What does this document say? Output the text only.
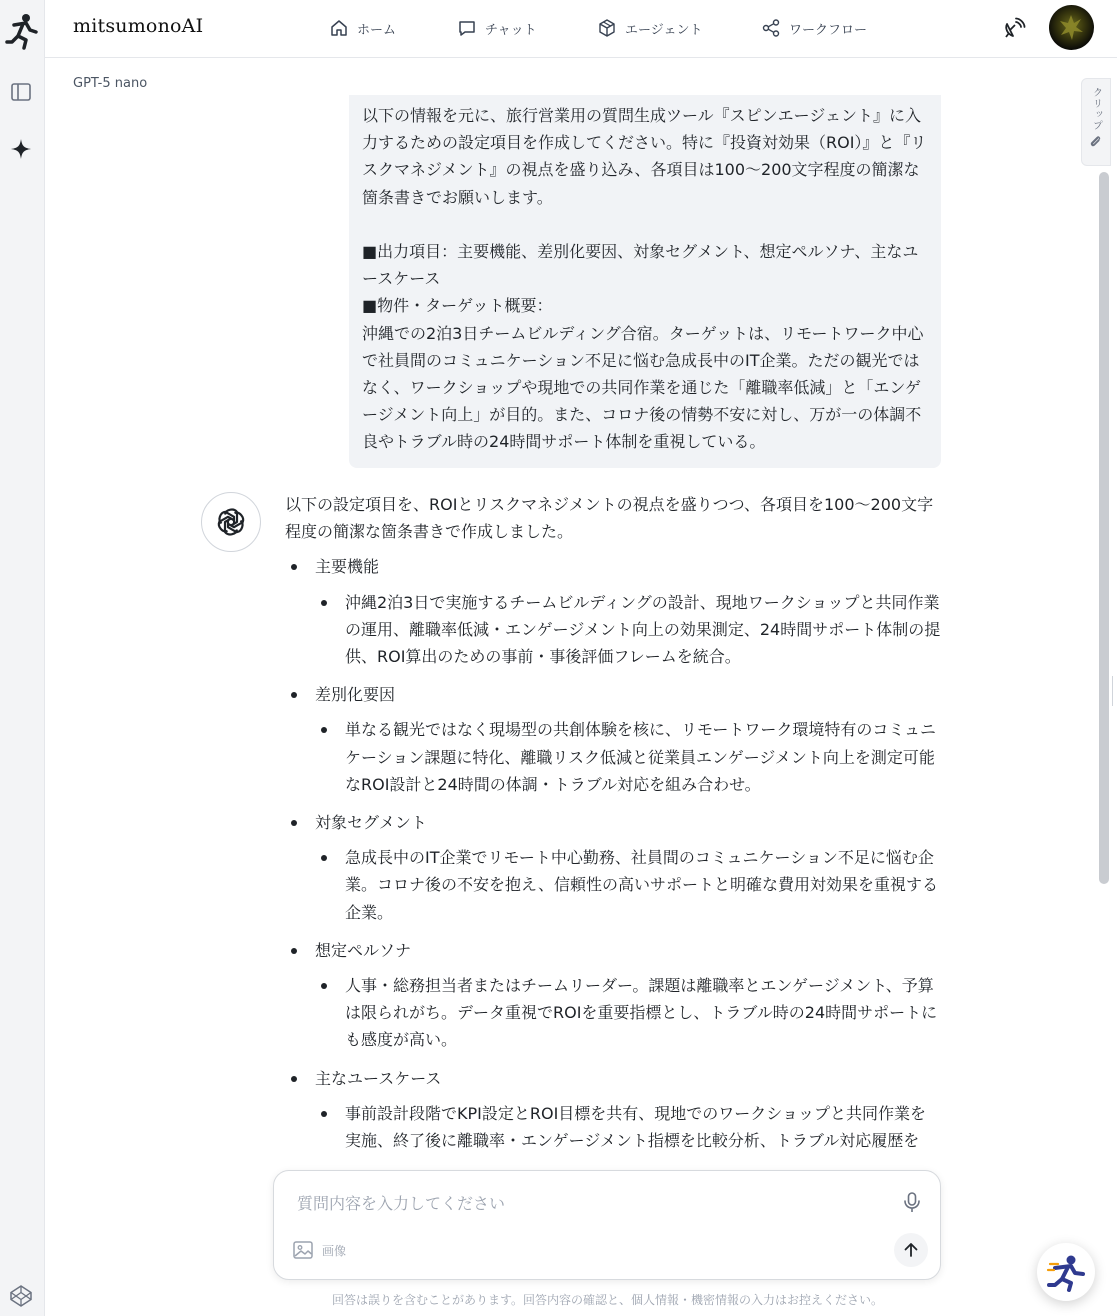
mitsumonoAI	ホーム	チャット	エージェント	ワークフロー
GPT-5 nano
クリップ
以下の情報を元に、旅行営業用の質問生成ツール『スピンエージェント』に入力するための設定項目を作成してください。特に『投資対効果（ROI）』と『リスクマネジメント』の視点を盛り込み、各項目は100〜200文字程度の簡潔な箇条書きでお願いします。

■出力項目：主要機能、差別化要因、対象セグメント、想定ペルソナ、主なユースケース
■物件・ターゲット概要：
沖縄での2泊3日チームビルディング合宿。ターゲットは、リモートワーク中心で社員間のコミュニケーション不足に悩む急成長中のIT企業。ただの観光ではなく、ワークショップや現地での共同作業を通じた「離職率低減」と「エンゲージメント向上」が目的。また、コロナ後の情勢不安に対し、万が一の体調不良やトラブル時の24時間サポート体制を重視している。
以下の設定項目を、ROIとリスクマネジメントの視点を盛りつつ、各項目を100〜200文字程度の簡潔な箇条書きで作成しました。
主要機能
沖縄2泊3日で実施するチームビルディングの設計、現地ワークショップと共同作業の運用、離職率低減・エンゲージメント向上の効果測定、24時間サポート体制の提供、ROI算出のための事前・事後評価フレームを統合。
差別化要因
単なる観光ではなく現場型の共創体験を核に、リモートワーク環境特有のコミュニケーション課題に特化、離職リスク低減と従業員エンゲージメント向上を測定可能なROI設計と24時間の体調・トラブル対応を組み合わせ。
対象セグメント
急成長中のIT企業でリモート中心勤務、社員間のコミュニケーション不足に悩む企業。コロナ後の不安を抱え、信頼性の高いサポートと明確な費用対効果を重視する企業。
想定ペルソナ
人事・総務担当者またはチームリーダー。課題は離職率とエンゲージメント、予算は限られがち。データ重視でROIを重要指標とし、トラブル時の24時間サポートにも感度が高い。
主なユースケース
事前設計段階でKPI設定とROI目標を共有、現地でのワークショップと共同作業を実施、終了後に離職率・エンゲージメント指標を比較分析、トラブル対応履歴を
質問内容を入力してください
画像
回答は誤りを含むことがあります。回答内容の確認と、個人情報・機密情報の入力はお控えください。
